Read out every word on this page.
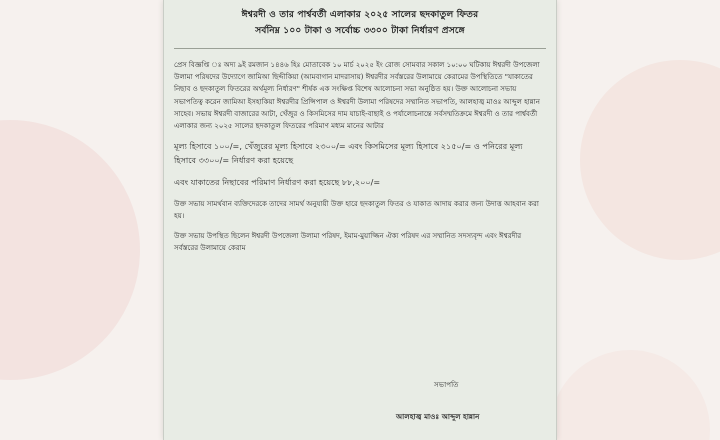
ঈশ্বরদী ও তার পার্শ্ববর্তী এলাকার ২০২৫ সালের ছদকাতুল ফিতর
সর্বনিম্ন ১০০ টাকা ও সর্বোচ্চ ৩৩০০ টাকা নির্ধারণ প্রসঙ্গে

প্রেস বিজ্ঞপ্তি ঃ অদ্য ৯ই রমজান ১৪৪৬ হিঃ মোতাবেক ১০ মার্চ ২০২৫ ইং রোজ সোমবার সকাল ১০:০০ ঘটিকায় ঈশ্বরদী উপজেলা উলামা পরিষদের উদ্যোগে জামিআ ছিদ্দীকিয়া (আমবাগান মাদরাসায়) ঈশ্বরদীর সর্বস্তরের উলামায়ে কেরামের উপস্থিতিতে "যাকাতের নিছাব ও ছদকাতুল ফিতরের অর্থমূল্য নির্ধারণ" শীর্ষক এক সংক্ষিপ্ত বিশেষ আলোচনা সভা অনুষ্ঠিত হয়। উক্ত আলোচনা সভায় সভাপতিত্ব করেন জামিআ ইসহাকিয়া ঈশ্বরদীর প্রিন্সিপাল ও ঈশ্বরদী উলামা পরিষদের সম্মানিত সভাপতি, আলহাজ্ব মাওঃ আব্দুল হান্নান সাহেব। সভায় ঈশ্বরদী বাজারের আটা, খেঁজুর ও কিসমিসের দাম যাচাই-বাছাই ও পর্যালোচনান্তে সর্বসম্মতিক্রমে ঈশ্বরদী ও তার পার্শ্ববর্তী এলাকার জন্য ২০২৫ সালের ছদকাতুল ফিতরের পরিমাণ মধ্যম মানের আটার

মূল্য হিসাবে ১০০/=, খেঁজুরের মূল্য হিসাবে ২৩০০/= এবং কিসমিসের মূল্য হিসাবে ২১৫০/= ও পনিরের মূল্য হিসাবে ৩৩০০/= নির্ধারণ করা হয়েছে

এবং যাকাতের নিছাবের পরিমাণ নির্ধারণ করা হয়েছে ৮৮,২০০/=

উক্ত সভায় সামর্থবান ব্যক্তিদেরকে তাদের সামর্থ অনুযায়ী উক্ত হারে ছদকাতুল ফিতর ও যাকাত আদায় করার জন্য উদাত্ত আহবান করা হয়।

উক্ত সভায় উপস্থিত ছিলেন ঈশ্বরদী উপজেলা উলামা পরিষদ, ইমাম-মুয়াজ্জিন ঐক্য পরিষদ এর সম্মানিত সদস্যবৃন্দ এবং ঈশ্বরদীর সর্বস্তরের উলামায়ে কেরাম

সভাপতি
আলহাজ্ব মাওঃ আব্দুল হান্নান
